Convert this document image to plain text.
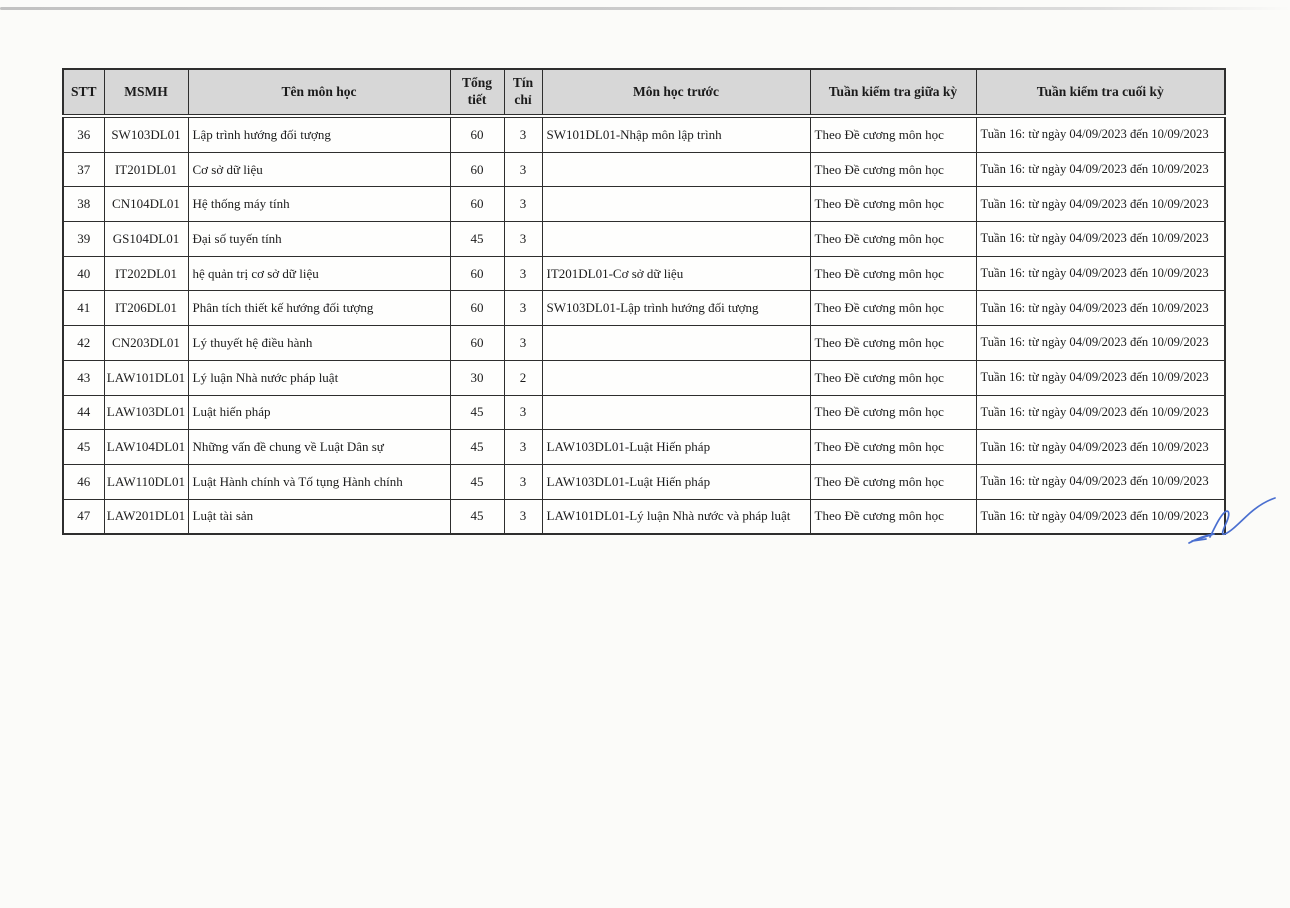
STT	MSMH	Tên môn học	Tổng tiết	Tín chỉ	Môn học trước	Tuần kiểm tra giữa kỳ	Tuần kiểm tra cuối kỳ
36	SW103DL01	Lập trình hướng đối tượng	60	3	SW101DL01-Nhập môn lập trình	Theo Đề cương môn học	Tuần 16: từ ngày 04/09/2023 đến 10/09/2023
37	IT201DL01	Cơ sở dữ liệu	60	3		Theo Đề cương môn học	Tuần 16: từ ngày 04/09/2023 đến 10/09/2023
38	CN104DL01	Hệ thống máy tính	60	3		Theo Đề cương môn học	Tuần 16: từ ngày 04/09/2023 đến 10/09/2023
39	GS104DL01	Đại số tuyến tính	45	3		Theo Đề cương môn học	Tuần 16: từ ngày 04/09/2023 đến 10/09/2023
40	IT202DL01	hệ quản trị cơ sở dữ liệu	60	3	IT201DL01-Cơ sở dữ liệu	Theo Đề cương môn học	Tuần 16: từ ngày 04/09/2023 đến 10/09/2023
41	IT206DL01	Phân tích thiết kế hướng đối tượng	60	3	SW103DL01-Lập trình hướng đối tượng	Theo Đề cương môn học	Tuần 16: từ ngày 04/09/2023 đến 10/09/2023
42	CN203DL01	Lý thuyết hệ điều hành	60	3		Theo Đề cương môn học	Tuần 16: từ ngày 04/09/2023 đến 10/09/2023
43	LAW101DL01	Lý luận Nhà nước pháp luật	30	2		Theo Đề cương môn học	Tuần 16: từ ngày 04/09/2023 đến 10/09/2023
44	LAW103DL01	Luật hiến pháp	45	3		Theo Đề cương môn học	Tuần 16: từ ngày 04/09/2023 đến 10/09/2023
45	LAW104DL01	Những vấn đề chung về Luật Dân sự	45	3	LAW103DL01-Luật Hiến pháp	Theo Đề cương môn học	Tuần 16: từ ngày 04/09/2023 đến 10/09/2023
46	LAW110DL01	Luật Hành chính và Tố tụng Hành chính	45	3	LAW103DL01-Luật Hiến pháp	Theo Đề cương môn học	Tuần 16: từ ngày 04/09/2023 đến 10/09/2023
47	LAW201DL01	Luật tài sản	45	3	LAW101DL01-Lý luận Nhà nước và pháp luật	Theo Đề cương môn học	Tuần 16: từ ngày 04/09/2023 đến 10/09/2023
